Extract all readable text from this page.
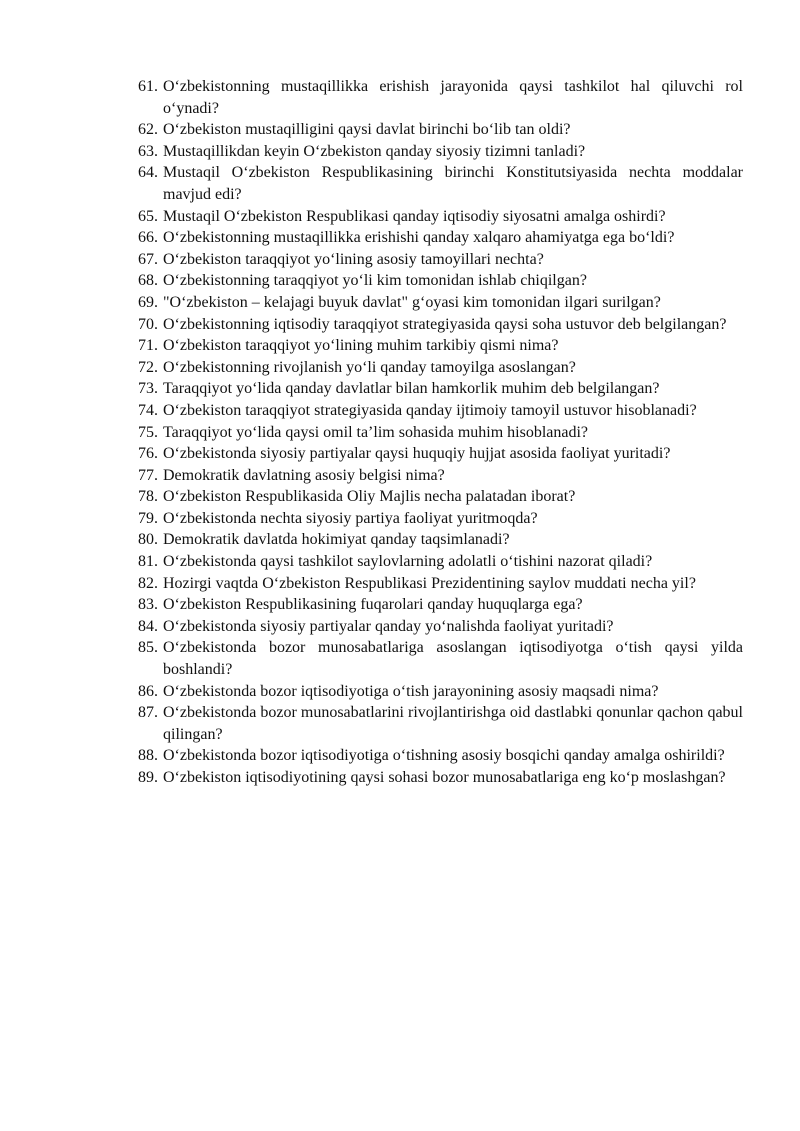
61. O‘zbekistonning mustaqillikka erishish jarayonida qaysi tashkilot hal qiluvchi rol o‘ynadi?
62. O‘zbekiston mustaqilligini qaysi davlat birinchi bo‘lib tan oldi?
63. Mustaqillikdan keyin O‘zbekiston qanday siyosiy tizimni tanladi?
64. Mustaqil O‘zbekiston Respublikasining birinchi Konstitutsiyasida nechta moddalar mavjud edi?
65. Mustaqil O‘zbekiston Respublikasi qanday iqtisodiy siyosatni amalga oshirdi?
66. O‘zbekistonning mustaqillikka erishishi qanday xalqaro ahamiyatga ega bo‘ldi?
67. O‘zbekiston taraqqiyot yo‘lining asosiy tamoyillari nechta?
68. O‘zbekistonning taraqqiyot yo‘li kim tomonidan ishlab chiqilgan?
69. "O‘zbekiston – kelajagi buyuk davlat" g‘oyasi kim tomonidan ilgari surilgan?
70. O‘zbekistonning iqtisodiy taraqqiyot strategiyasida qaysi soha ustuvor deb belgilangan?
71. O‘zbekiston taraqqiyot yo‘lining muhim tarkibiy qismi nima?
72. O‘zbekistonning rivojlanish yo‘li qanday tamoyilga asoslangan?
73. Taraqqiyot yo‘lida qanday davlatlar bilan hamkorlik muhim deb belgilangan?
74. O‘zbekiston taraqqiyot strategiyasida qanday ijtimoiy tamoyil ustuvor hisoblanadi?
75. Taraqqiyot yo‘lida qaysi omil ta’lim sohasida muhim hisoblanadi?
76. O‘zbekistonda siyosiy partiyalar qaysi huquqiy hujjat asosida faoliyat yuritadi?
77. Demokratik davlatning asosiy belgisi nima?
78. O‘zbekiston Respublikasida Oliy Majlis necha palatadan iborat?
79. O‘zbekistonda nechta siyosiy partiya faoliyat yuritmoqda?
80. Demokratik davlatda hokimiyat qanday taqsimlanadi?
81. O‘zbekistonda qaysi tashkilot saylovlarning adolatli o‘tishini nazorat qiladi?
82. Hozirgi vaqtda O‘zbekiston Respublikasi Prezidentining saylov muddati necha yil?
83. O‘zbekiston Respublikasining fuqarolari qanday huquqlarga ega?
84. O‘zbekistonda siyosiy partiyalar qanday yo‘nalishda faoliyat yuritadi?
85. O‘zbekistonda bozor munosabatlariga asoslangan iqtisodiyotga o‘tish qaysi yilda boshlandi?
86. O‘zbekistonda bozor iqtisodiyotiga o‘tish jarayonining asosiy maqsadi nima?
87. O‘zbekistonda bozor munosabatlarini rivojlantirishga oid dastlabki qonunlar qachon qabul qilingan?
88. O‘zbekistonda bozor iqtisodiyotiga o‘tishning asosiy bosqichi qanday amalga oshirildi?
89. O‘zbekiston iqtisodiyotining qaysi sohasi bozor munosabatlariga eng ko‘p moslashgan?
